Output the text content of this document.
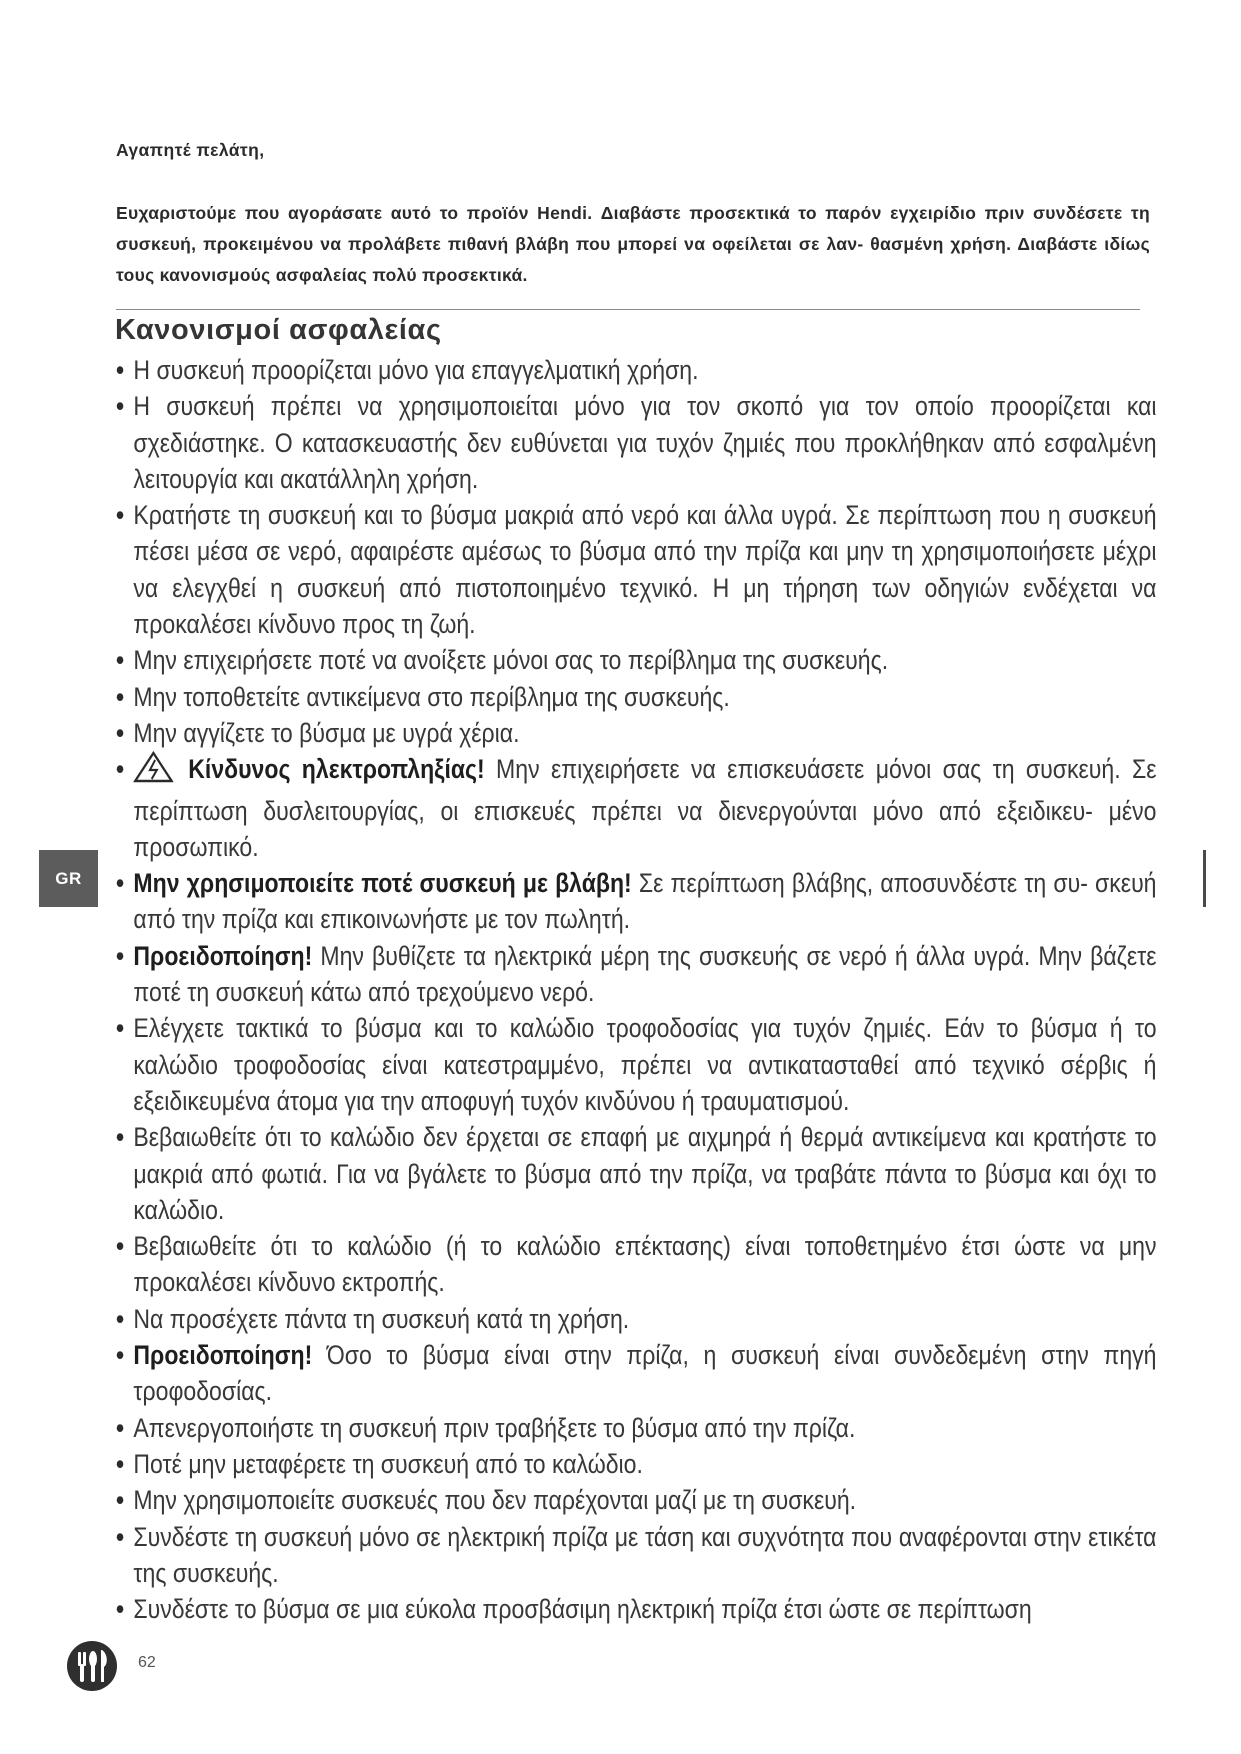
Αγαπητέ πελάτη,
Ευχαριστούμε που αγοράσατε αυτό το προϊόν Hendi. Διαβάστε προσεκτικά το παρόν εγχειρίδιο πριν συνδέσετε τη συσκευή, προκειμένου να προλάβετε πιθανή βλάβη που μπορεί να οφείλεται σε λαν- θασμένη χρήση. Διαβάστε ιδίως τους κανονισμούς ασφαλείας πολύ προσεκτικά.
Κανονισμοί ασφαλείας
• Η συσκευή προορίζεται μόνο για επαγγελματική χρήση.
• Η συσκευή πρέπει να χρησιμοποιείται μόνο για τον σκοπό για τον οποίο προορίζεται και σχεδιάστηκε. Ο κατασκευαστής δεν ευθύνεται για τυχόν ζημιές που προκλήθηκαν από εσφαλμένη λειτουργία και ακατάλληλη χρήση.
• Κρατήστε τη συσκευή και το βύσμα μακριά από νερό και άλλα υγρά. Σε περίπτωση που η συσκευή πέσει μέσα σε νερό, αφαιρέστε αμέσως το βύσμα από την πρίζα και μην τη χρησιμοποιήσετε μέχρι να ελεγχθεί η συσκευή από πιστοποιημένο τεχνικό. Η μη τήρηση των οδηγιών ενδέχεται να προκαλέσει κίνδυνο προς τη ζωή.
• Μην επιχειρήσετε ποτέ να ανοίξετε μόνοι σας το περίβλημα της συσκευής.
• Μην τοποθετείτε αντικείμενα στο περίβλημα της συσκευής.
• Μην αγγίζετε το βύσμα με υγρά χέρια.
• Κίνδυνος ηλεκτροπληξίας! Μην επιχειρήσετε να επισκευάσετε μόνοι σας τη συσκευή. Σε περίπτωση δυσλειτουργίας, οι επισκευές πρέπει να διενεργούνται μόνο από εξειδικευ- μένο προσωπικό.
• Μην χρησιμοποιείτε ποτέ συσκευή με βλάβη! Σε περίπτωση βλάβης, αποσυνδέστε τη συ- σκευή από την πρίζα και επικοινωνήστε με τον πωλητή.
• Προειδοποίηση! Μην βυθίζετε τα ηλεκτρικά μέρη της συσκευής σε νερό ή άλλα υγρά. Μην βάζετε ποτέ τη συσκευή κάτω από τρεχούμενο νερό.
• Ελέγχετε τακτικά το βύσμα και το καλώδιο τροφοδοσίας για τυχόν ζημιές. Εάν το βύσμα ή το καλώδιο τροφοδοσίας είναι κατεστραμμένο, πρέπει να αντικατασταθεί από τεχνικό σέρβις ή εξειδικευμένα άτομα για την αποφυγή τυχόν κινδύνου ή τραυματισμού.
• Βεβαιωθείτε ότι το καλώδιο δεν έρχεται σε επαφή με αιχμηρά ή θερμά αντικείμενα και κρατήστε το μακριά από φωτιά. Για να βγάλετε το βύσμα από την πρίζα, να τραβάτε πάντα το βύσμα και όχι το καλώδιο.
• Βεβαιωθείτε ότι το καλώδιο (ή το καλώδιο επέκτασης) είναι τοποθετημένο έτσι ώστε να μην προκαλέσει κίνδυνο εκτροπής.
• Να προσέχετε πάντα τη συσκευή κατά τη χρήση.
• Προειδοποίηση! Όσο το βύσμα είναι στην πρίζα, η συσκευή είναι συνδεδεμένη στην πηγή τροφοδοσίας.
• Απενεργοποιήστε τη συσκευή πριν τραβήξετε το βύσμα από την πρίζα.
• Ποτέ μην μεταφέρετε τη συσκευή από το καλώδιο.
• Μην χρησιμοποιείτε συσκευές που δεν παρέχονται μαζί με τη συσκευή.
• Συνδέστε τη συσκευή μόνο σε ηλεκτρική πρίζα με τάση και συχνότητα που αναφέρονται στην ετικέτα της συσκευής.
• Συνδέστε το βύσμα σε μια εύκολα προσβάσιμη ηλεκτρική πρίζα έτσι ώστε σε περίπτωση
GR
62
